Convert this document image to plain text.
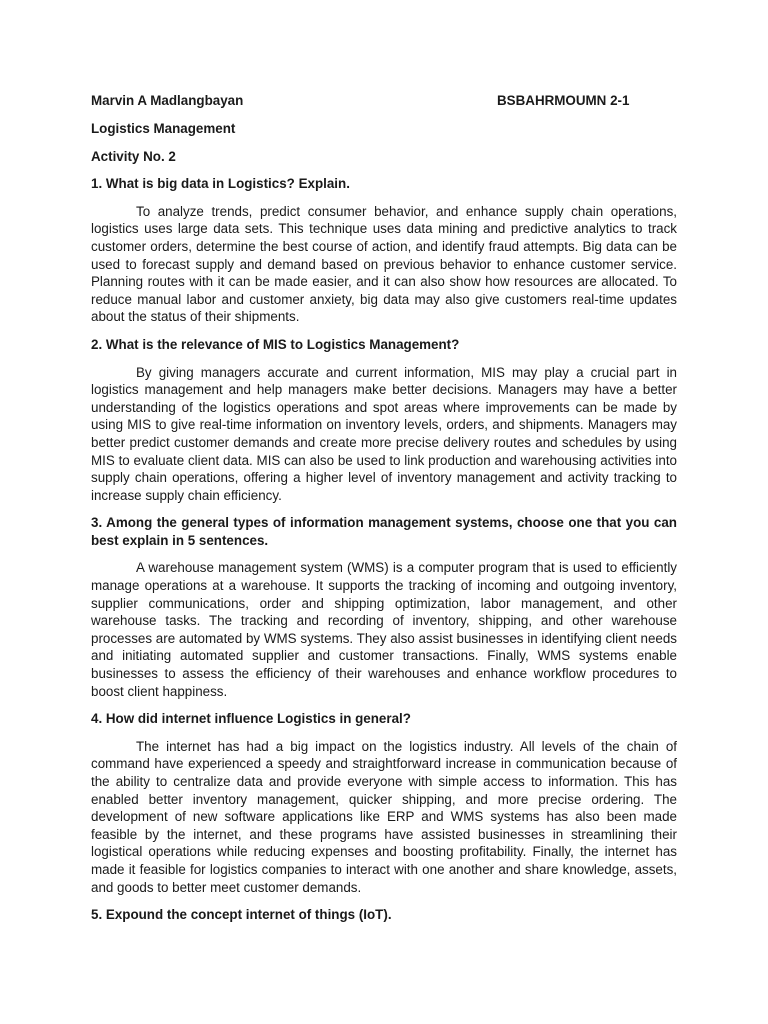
Marvin A Madlangbayan	BSBAHRMOUMN 2-1
Logistics Management
Activity No. 2
1. What is big data in Logistics? Explain.
To analyze trends, predict consumer behavior, and enhance supply chain operations, logistics uses large data sets. This technique uses data mining and predictive analytics to track customer orders, determine the best course of action, and identify fraud attempts. Big data can be used to forecast supply and demand based on previous behavior to enhance customer service. Planning routes with it can be made easier, and it can also show how resources are allocated. To reduce manual labor and customer anxiety, big data may also give customers real-time updates about the status of their shipments.
2. What is the relevance of MIS to Logistics Management?
By giving managers accurate and current information, MIS may play a crucial part in logistics management and help managers make better decisions. Managers may have a better understanding of the logistics operations and spot areas where improvements can be made by using MIS to give real-time information on inventory levels, orders, and shipments. Managers may better predict customer demands and create more precise delivery routes and schedules by using MIS to evaluate client data. MIS can also be used to link production and warehousing activities into supply chain operations, offering a higher level of inventory management and activity tracking to increase supply chain efficiency.
3. Among the general types of information management systems, choose one that you can best explain in 5 sentences.
A warehouse management system (WMS) is a computer program that is used to efficiently manage operations at a warehouse. It supports the tracking of incoming and outgoing inventory, supplier communications, order and shipping optimization, labor management, and other warehouse tasks. The tracking and recording of inventory, shipping, and other warehouse processes are automated by WMS systems. They also assist businesses in identifying client needs and initiating automated supplier and customer transactions. Finally, WMS systems enable businesses to assess the efficiency of their warehouses and enhance workflow procedures to boost client happiness.
4. How did internet influence Logistics in general?
The internet has had a big impact on the logistics industry. All levels of the chain of command have experienced a speedy and straightforward increase in communication because of the ability to centralize data and provide everyone with simple access to information. This has enabled better inventory management, quicker shipping, and more precise ordering. The development of new software applications like ERP and WMS systems has also been made feasible by the internet, and these programs have assisted businesses in streamlining their logistical operations while reducing expenses and boosting profitability. Finally, the internet has made it feasible for logistics companies to interact with one another and share knowledge, assets, and goods to better meet customer demands.
5. Expound the concept internet of things (IoT).
